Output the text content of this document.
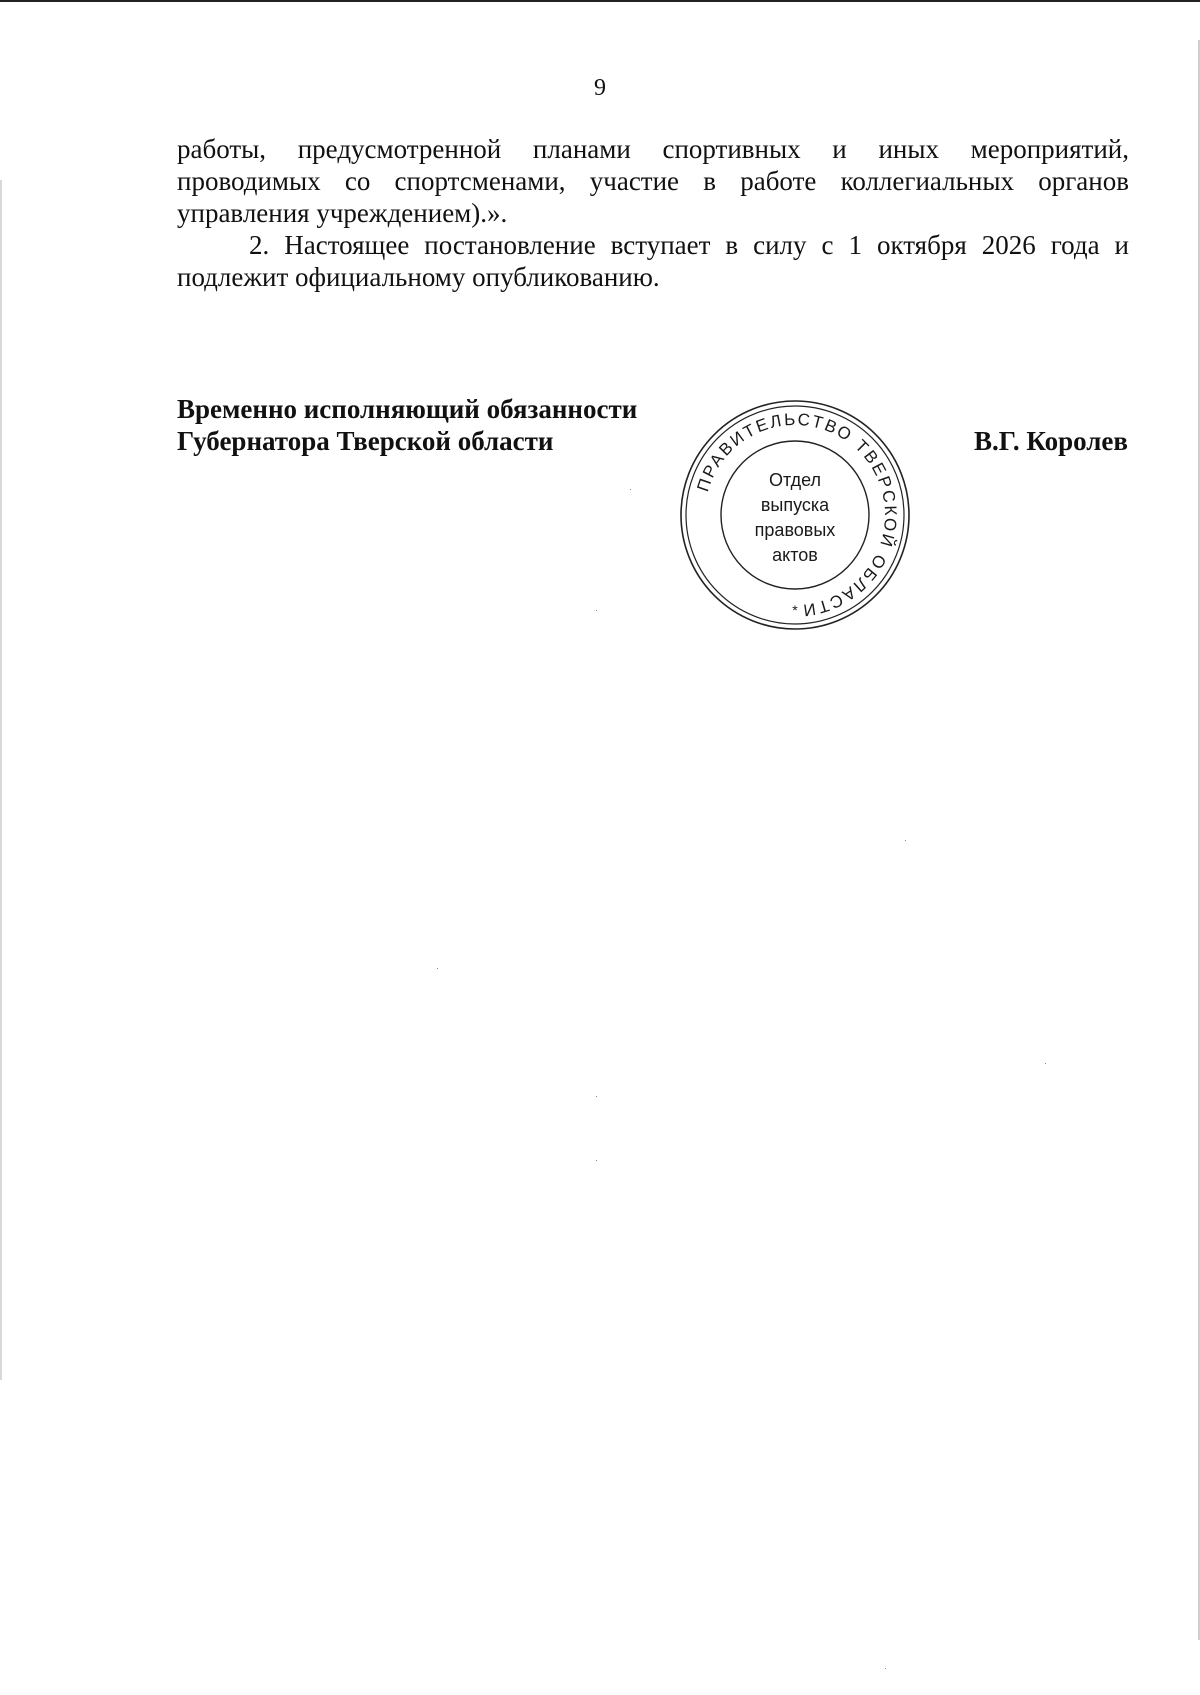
9

работы, предусмотренной планами спортивных и иных мероприятий, проводимых со спортсменами, участие в работе коллегиальных органов управления учреждением).».

2. Настоящее постановление вступает в силу с 1 октября 2026 года и подлежит официальному опубликованию.

Временно исполняющий обязанности
Губернатора Тверской области
ПРАВИТЕЛЬСТВО ТВЕРСКОЙ ОБЛАСТИ
*
Отдел
выпуска
правовых
актов
В.Г. Королев
